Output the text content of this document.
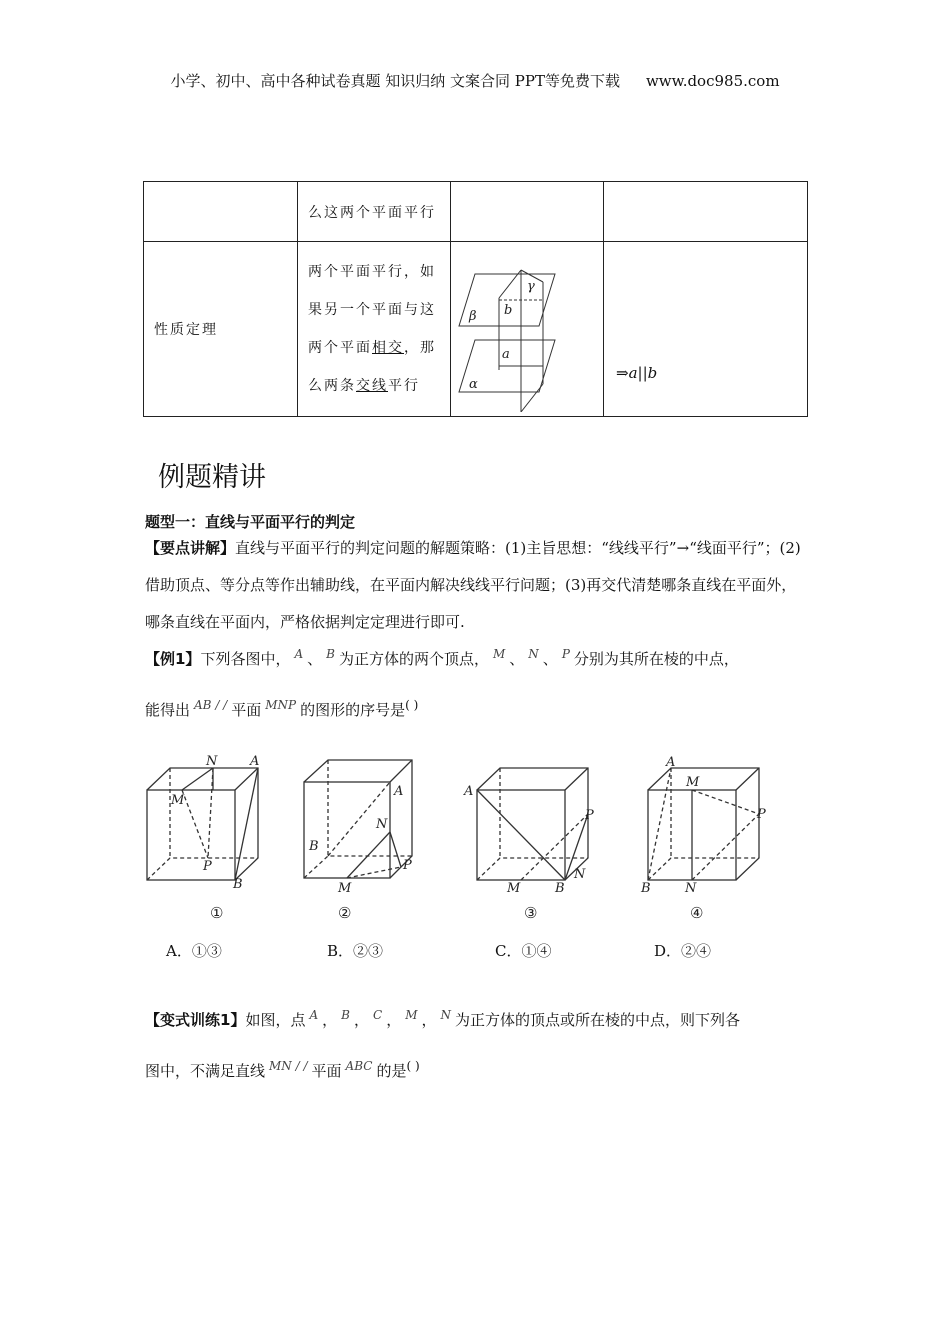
小学、初中、高中各种试卷真题 知识归纳 文案合同 PPT等免费下载 www.doc985.com

	么这两个平面平行		

性质定理	两个平面平行，如
果另一个平面与这
两个平面相交，那
么两条交线平行	γ
b
β
a
α	⇒a||b
例题精讲
题型一：直线与平面平行的判定
【要点讲解】直线与平面平行的判定问题的解题策略：(1)主旨思想：“线线平行”→“线面平行”；(2)借助顶点、等分点等作出辅助线，在平面内解决线线平行问题；(3)再交代清楚哪条直线在平面外，哪条直线在平面内，严格依据判定定理进行即可.
【例1】下列各图中， $^A$ 、 $^B$ 为正方体的两个顶点， $^M$ 、 $^N$ 、 $^P$ 分别为其所在棱的中点，
能得出 $^{AB / /}$ 平面 $^{MNP}$ 的图形的序号是( )
N	A
M
P
B
①
A
N
B
P
M
②
A
P
M	B
N
③
A
M
P
B	N
④
A．①③	B．②③	C．①④	D．②④
【变式训练1】如图，点 $^A$ ， $^B$ ， $^C$ ， $^M$ ， $^N$ 为正方体的顶点或所在棱的中点，则下列各
图中，不满足直线 $^{MN / /}$ 平面 $^{ABC}$ 的是( )
